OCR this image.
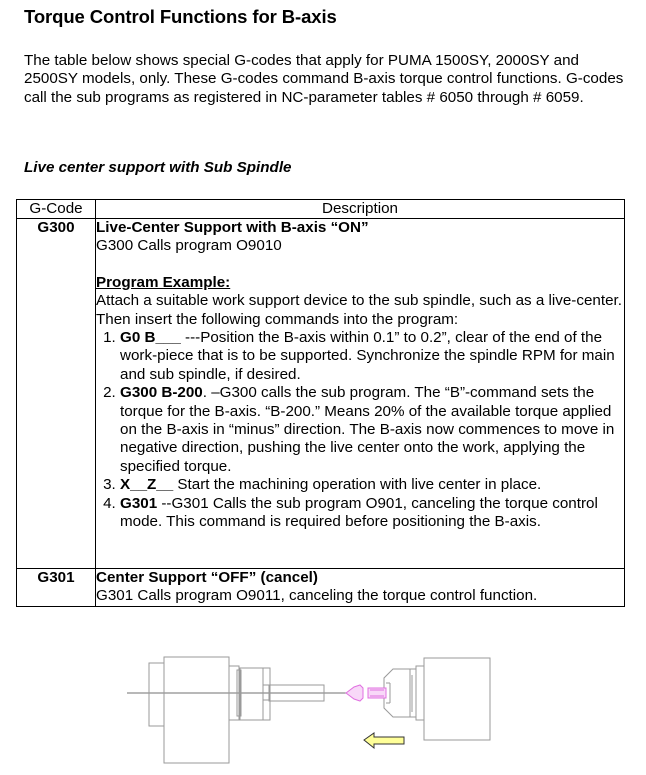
Torque Control Functions for B-axis
The table below shows special G-codes that apply for PUMA 1500SY, 2000SY and 2500SY models, only. These G-codes command B-axis torque control functions. G-codes call the sub programs as registered in NC-parameter tables # 6050 through # 6059.
Live center support with Sub Spindle
G-Code	Description
G300	Live-Center Support with B-axis “ON”
G300 Calls program O9010
Program Example:
Attach a suitable work support device to the sub spindle, such as a live-center. Then insert the following commands into the program:
1. G0 B___ ---Position the B-axis within 0.1” to 0.2”, clear of the end of the work-piece that is to be supported. Synchronize the spindle RPM for main and sub spindle, if desired.
2. G300 B-200. –G300 calls the sub program. The “B”-command sets the torque for the B-axis. “B-200.” Means 20% of the available torque applied on the B-axis in “minus” direction. The B-axis now commences to move in negative direction, pushing the live center onto the work, applying the specified torque.
3. X__Z__ Start the machining operation with live center in place.
4. G301 --G301 Calls the sub program O901, canceling the torque control mode. This command is required before positioning the B-axis.

G301	Center Support “OFF” (cancel)
G301 Calls program O9011, canceling the torque control function.
